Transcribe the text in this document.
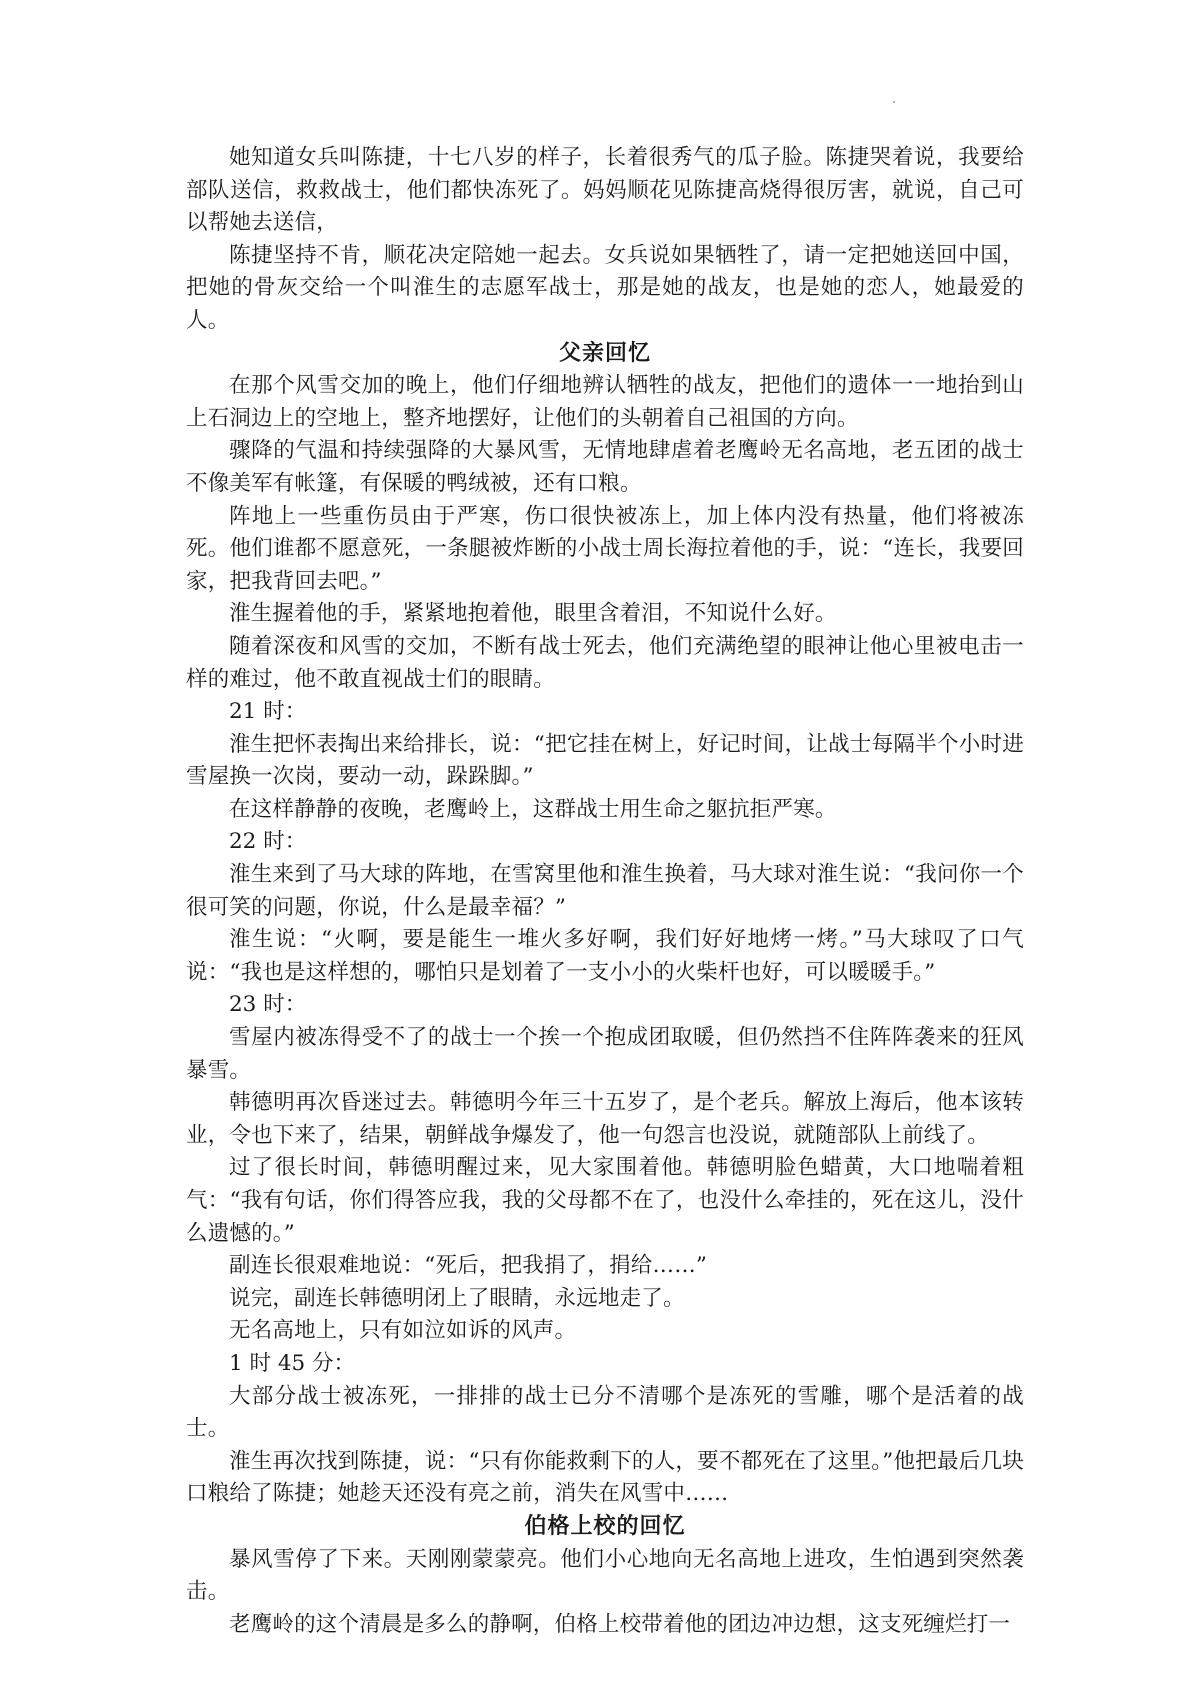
她知道女兵叫陈捷，十七八岁的样子，长着很秀气的瓜子脸。陈捷哭着说，我要给部队送信，救救战士，他们都快冻死了。妈妈顺花见陈捷高烧得很厉害，就说，自己可以帮她去送信，

陈捷坚持不肯，顺花决定陪她一起去。女兵说如果牺牲了，请一定把她送回中国，把她的骨灰交给一个叫淮生的志愿军战士，那是她的战友，也是她的恋人，她最爱的人。

父亲回忆

在那个风雪交加的晚上，他们仔细地辨认牺牲的战友，把他们的遗体一一地抬到山上石洞边上的空地上，整齐地摆好，让他们的头朝着自己祖国的方向。

骤降的气温和持续强降的大暴风雪，无情地肆虐着老鹰岭无名高地，老五团的战士不像美军有帐篷，有保暖的鸭绒被，还有口粮。

阵地上一些重伤员由于严寒，伤口很快被冻上，加上体内没有热量，他们将被冻死。他们谁都不愿意死，一条腿被炸断的小战士周长海拉着他的手，说：“连长，我要回家，把我背回去吧。”

淮生握着他的手，紧紧地抱着他，眼里含着泪，不知说什么好。

随着深夜和风雪的交加，不断有战士死去，他们充满绝望的眼神让他心里被电击一样的难过，他不敢直视战士们的眼睛。

21 时：

淮生把怀表掏出来给排长，说：“把它挂在树上，好记时间，让战士每隔半个小时进雪屋换一次岗，要动一动，跺跺脚。”

在这样静静的夜晚，老鹰岭上，这群战士用生命之躯抗拒严寒。

22 时：

淮生来到了马大球的阵地，在雪窝里他和淮生换着，马大球对淮生说：“我问你一个很可笑的问题，你说，什么是最幸福？”

淮生说：“火啊，要是能生一堆火多好啊，我们好好地烤一烤。”马大球叹了口气说：“我也是这样想的，哪怕只是划着了一支小小的火柴杆也好，可以暖暖手。”

23 时：

雪屋内被冻得受不了的战士一个挨一个抱成团取暖，但仍然挡不住阵阵袭来的狂风暴雪。

韩德明再次昏迷过去。韩德明今年三十五岁了，是个老兵。解放上海后，他本该转业，令也下来了，结果，朝鲜战争爆发了，他一句怨言也没说，就随部队上前线了。

过了很长时间，韩德明醒过来，见大家围着他。韩德明脸色蜡黄，大口地喘着粗气：“我有句话，你们得答应我，我的父母都不在了，也没什么牵挂的，死在这儿，没什么遗憾的。”

副连长很艰难地说：“死后，把我捐了，捐给……”

说完，副连长韩德明闭上了眼睛，永远地走了。

无名高地上，只有如泣如诉的风声。

1 时 45 分：

大部分战士被冻死，一排排的战士已分不清哪个是冻死的雪雕，哪个是活着的战士。

淮生再次找到陈捷，说：“只有你能救剩下的人，要不都死在了这里。”他把最后几块口粮给了陈捷；她趁天还没有亮之前，消失在风雪中……

伯格上校的回忆

暴风雪停了下来。天刚刚蒙蒙亮。他们小心地向无名高地上进攻，生怕遇到突然袭击。

老鹰岭的这个清晨是多么的静啊，伯格上校带着他的团边冲边想，这支死缠烂打一
